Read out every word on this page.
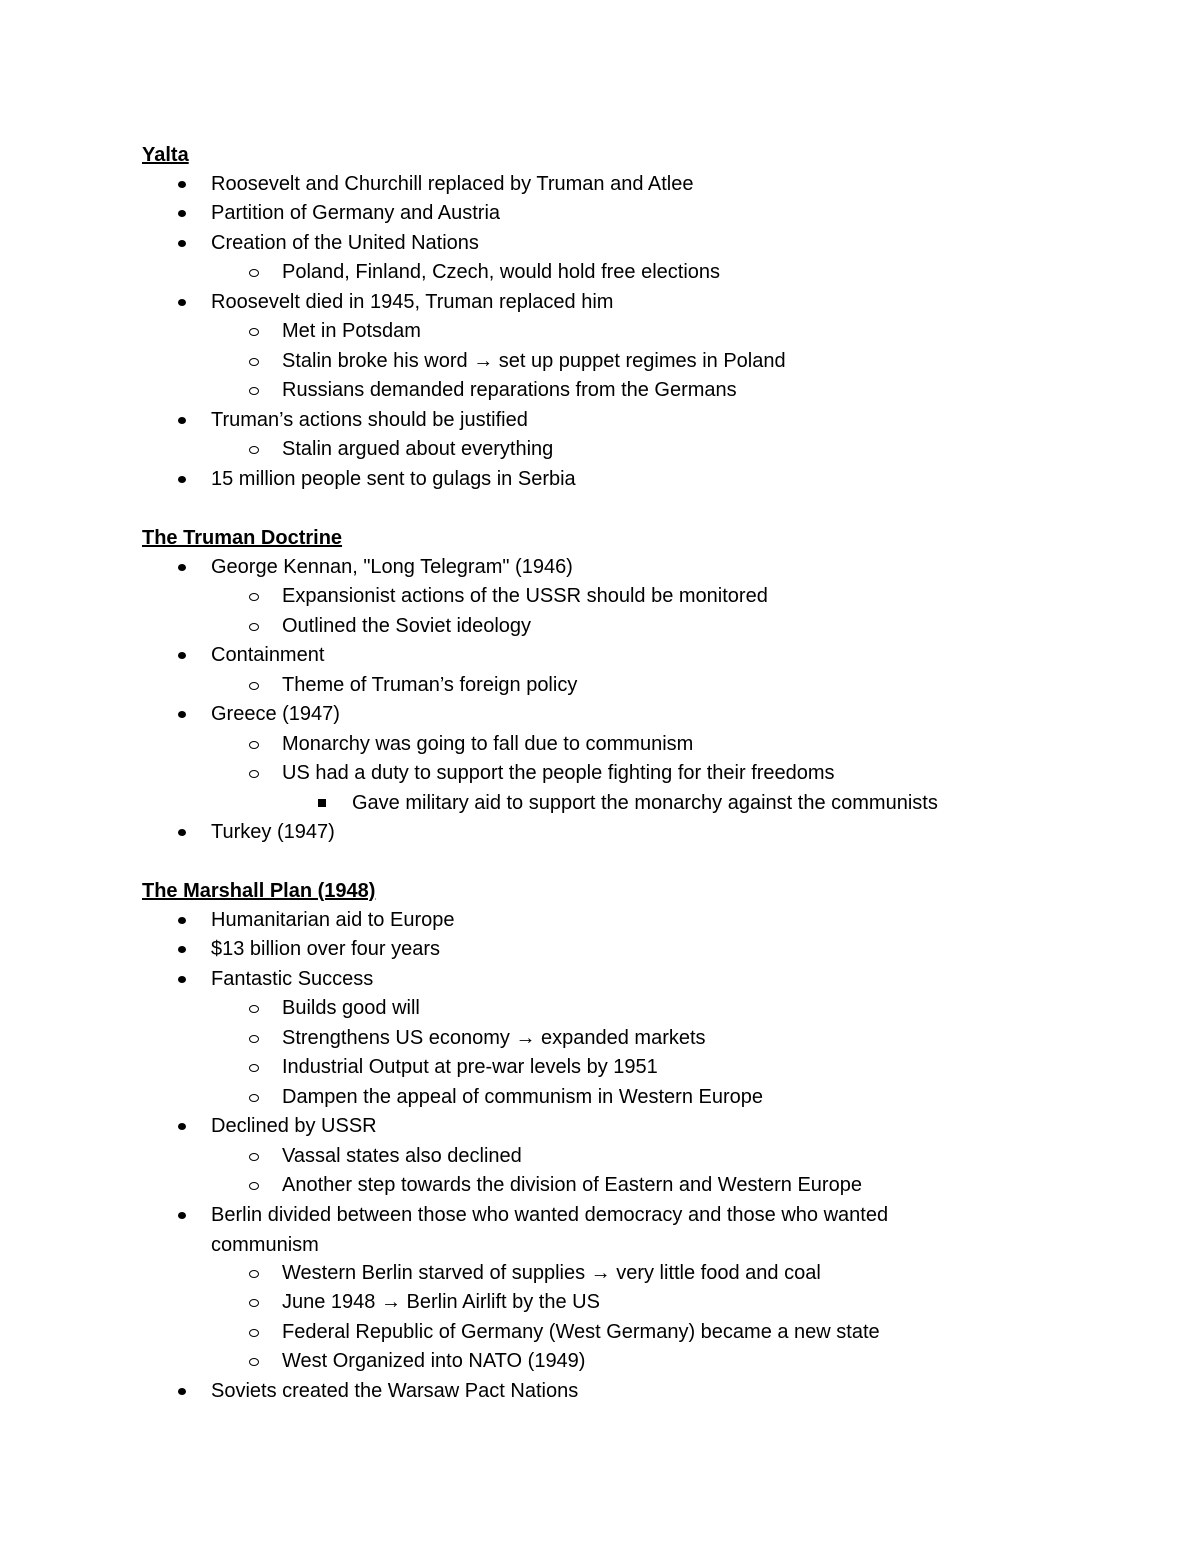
Yalta
Roosevelt and Churchill replaced by Truman and Atlee
Partition of Germany and Austria
Creation of the United Nations
Poland, Finland, Czech, would hold free elections
Roosevelt died in 1945, Truman replaced him
Met in Potsdam
Stalin broke his word → set up puppet regimes in Poland
Russians demanded reparations from the Germans
Truman’s actions should be justified
Stalin argued about everything
15 million people sent to gulags in Serbia
The Truman Doctrine
George Kennan, "Long Telegram" (1946)
Expansionist actions of the USSR should be monitored
Outlined the Soviet ideology
Containment
Theme of Truman’s foreign policy
Greece (1947)
Monarchy was going to fall due to communism
US had a duty to support the people fighting for their freedoms
Gave military aid to support the monarchy against the communists
Turkey (1947)
The Marshall Plan (1948)
Humanitarian aid to Europe
$13 billion over four years
Fantastic Success
Builds good will
Strengthens US economy → expanded markets
Industrial Output at pre-war levels by 1951
Dampen the appeal of communism in Western Europe
Declined by USSR
Vassal states also declined
Another step towards the division of Eastern and Western Europe
Berlin divided between those who wanted democracy and those who wanted communism
Western Berlin starved of supplies → very little food and coal
June 1948 → Berlin Airlift by the US
Federal Republic of Germany (West Germany) became a new state
West Organized into NATO (1949)
Soviets created the Warsaw Pact Nations
